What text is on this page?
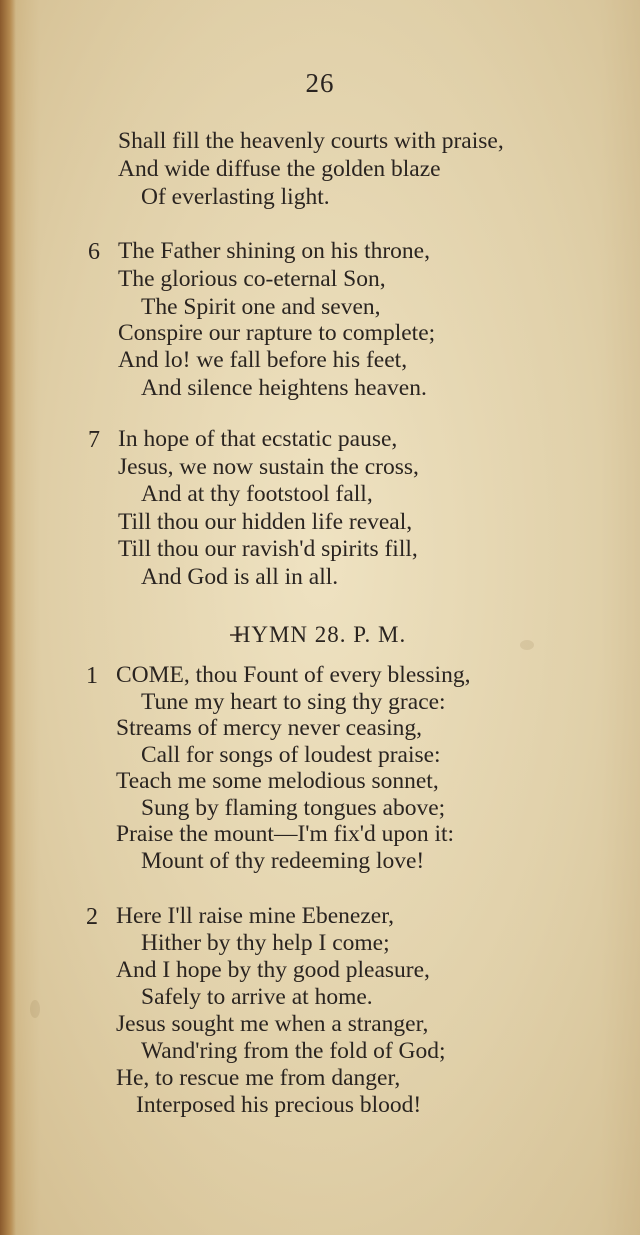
26
Shall fill the heavenly courts with praise,
And wide diffuse the golden blaze
Of everlasting light.
6 The Father shining on his throne,
The glorious co-eternal Son,
The Spirit one and seven,
Conspire our rapture to complete;
And lo! we fall before his feet,
And silence heightens heaven.
7 In hope of that ecstatic pause,
Jesus, we now sustain the cross,
And at thy footstool fall,
Till thou our hidden life reveal,
Till thou our ravish'd spirits fill,
And God is all in all.
HYMN 28. P. M.
1 COME, thou Fount of every blessing,
Tune my heart to sing thy grace:
Streams of mercy never ceasing,
Call for songs of loudest praise:
Teach me some melodious sonnet,
Sung by flaming tongues above;
Praise the mount—I'm fix'd upon it:
Mount of thy redeeming love!
2 Here I'll raise mine Ebenezer,
Hither by thy help I come;
And I hope by thy good pleasure,
Safely to arrive at home.
Jesus sought me when a stranger,
Wand'ring from the fold of God;
He, to rescue me from danger,
Interposed his precious blood!
